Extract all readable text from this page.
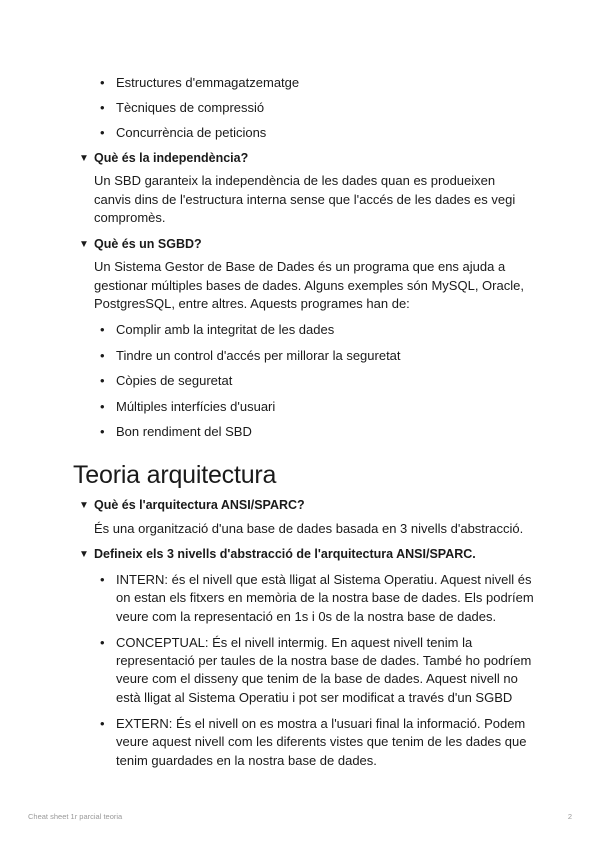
• Estructures d'emmagatzematge
• Tècniques de compressió
• Concurrència de peticions
▼ Què és la independència?
Un SBD garanteix la independència de les dades quan es produeixen canvis dins de l'estructura interna sense que l'accés de les dades es vegi compromès.
▼ Què és un SGBD?
Un Sistema Gestor de Base de Dades és un programa que ens ajuda a gestionar múltiples bases de dades. Alguns exemples són MySQL, Oracle, PostgresSQL, entre altres. Aquests programes han de:
• Complir amb la integritat de les dades
• Tindre un control d'accés per millorar la seguretat
• Còpies de seguretat
• Múltiples interfícies d'usuari
• Bon rendiment del SBD
Teoria arquitectura
▼ Què és l'arquitectura ANSI/SPARC?
És una organització d'una base de dades basada en 3 nivells d'abstracció.
▼ Defineix els 3 nivells d'abstracció de l'arquitectura ANSI/SPARC.
• INTERN: és el nivell que està lligat al Sistema Operatiu. Aquest nivell és on estan els fitxers en memòria de la nostra base de dades. Els podríem veure com la representació en 1s i 0s de la nostra base de dades.
• CONCEPTUAL: És el nivell intermig. En aquest nivell tenim la representació per taules de la nostra base de dades. També ho podríem veure com el disseny que tenim de la base de dades. Aquest nivell no està lligat al Sistema Operatiu i pot ser modificat a través d'un SGBD
• EXTERN: És el nivell on es mostra a l'usuari final la informació. Podem veure aquest nivell com les diferents vistes que tenim de les dades que tenim guardades en la nostra base de dades.
Cheat sheet 1r parcial teoria	2
